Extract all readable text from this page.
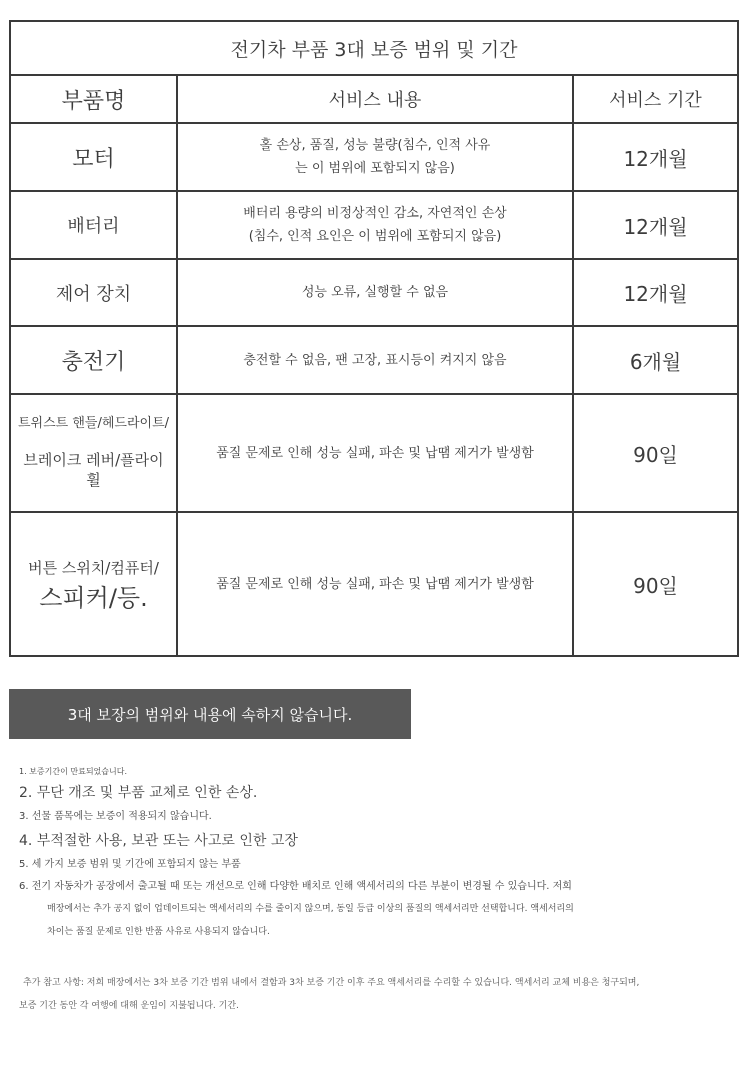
전기차 부품 3대 보증 범위 및 기간		
부품명	서비스 내용	서비스 기간
모터	홀 손상, 품질, 성능 불량(침수, 인적 사유
는 이 범위에 포함되지 않음)	12개월
배터리	배터리 용량의 비정상적인 감소, 자연적인 손상
(침수, 인적 요인은 이 범위에 포함되지 않음)	12개월
제어 장치	성능 오류, 실행할 수 없음	12개월
충전기	충전할 수 없음, 팬 고장, 표시등이 켜지지 않음	6개월
트위스트 핸들/헤드라이트/

브레이크 레버/플라이휠	품질 문제로 인해 성능 실패, 파손 및 납땜 제거가 발생함	90일
버튼 스위치/컴퓨터/
스피커/등.	품질 문제로 인해 성능 실패, 파손 및 납땜 제거가 발생함	90일
3대 보장의 범위와 내용에 속하지 않습니다.

1. 보증기간이 만료되었습니다.

2. 무단 개조 및 부품 교체로 인한 손상.

3. 선물 품목에는 보증이 적용되지 않습니다.

4. 부적절한 사용, 보관 또는 사고로 인한 고장

5. 세 가지 보증 범위 및 기간에 포함되지 않는 부품

6. 전기 자동차가 공장에서 출고될 때 또는 개선으로 인해 다양한 배치로 인해 액세서리의 다른 부분이 변경될 수 있습니다. 저희

매장에서는 추가 공지 없이 업데이트되는 액세서리의 수를 줄이지 않으며, 동일 등급 이상의 품질의 액세서리만 선택합니다. 액세서리의

차이는 품질 문제로 인한 반품 사유로 사용되지 않습니다.

추가 참고 사항: 저희 매장에서는 3차 보증 기간 범위 내에서 결함과 3차 보증 기간 이후 주요 액세서리를 수리할 수 있습니다. 액세서리 교체 비용은 청구되며,

보증 기간 동안 각 여행에 대해 운임이 지불됩니다. 기간.
